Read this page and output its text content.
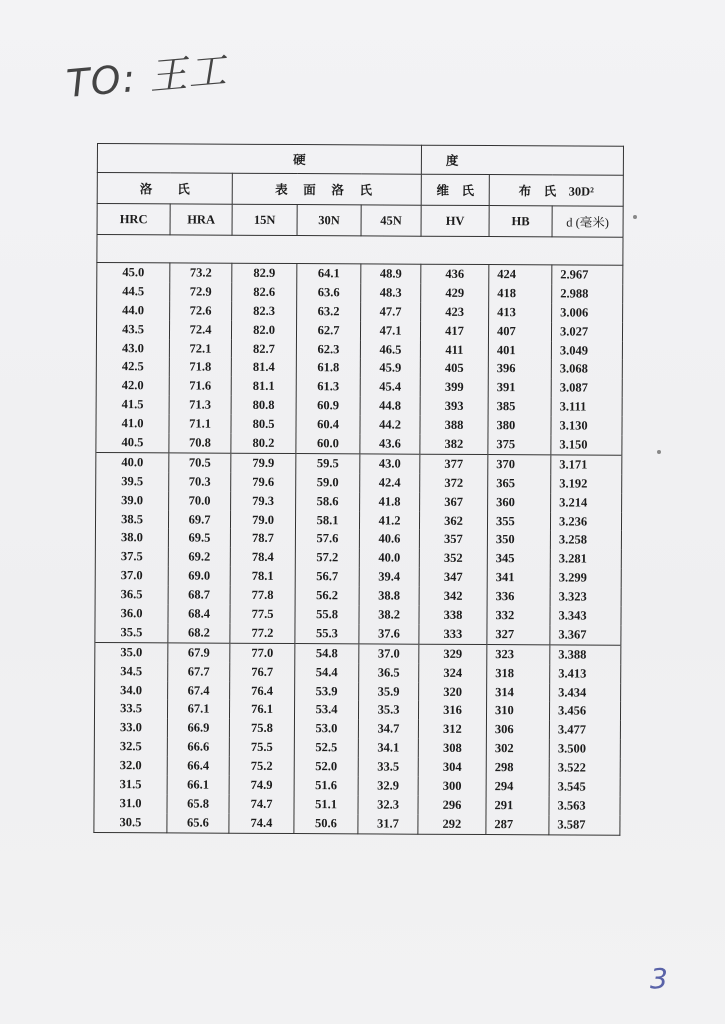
TO: 王工
硬					度		
洛　　氏		表 面 洛 氏			维　氏	布　氏　30D²	
HRC	HRA	15N	30N	45N	HV	HB	d (毫米)

45.0	73.2	82.9	64.1	48.9	436	424	2.967
44.5	72.9	82.6	63.6	48.3	429	418	2.988
44.0	72.6	82.3	63.2	47.7	423	413	3.006
43.5	72.4	82.0	62.7	47.1	417	407	3.027
43.0	72.1	82.7	62.3	46.5	411	401	3.049
42.5	71.8	81.4	61.8	45.9	405	396	3.068
42.0	71.6	81.1	61.3	45.4	399	391	3.087
41.5	71.3	80.8	60.9	44.8	393	385	3.111
41.0	71.1	80.5	60.4	44.2	388	380	3.130
40.5	70.8	80.2	60.0	43.6	382	375	3.150
40.0	70.5	79.9	59.5	43.0	377	370	3.171
39.5	70.3	79.6	59.0	42.4	372	365	3.192
39.0	70.0	79.3	58.6	41.8	367	360	3.214
38.5	69.7	79.0	58.1	41.2	362	355	3.236
38.0	69.5	78.7	57.6	40.6	357	350	3.258
37.5	69.2	78.4	57.2	40.0	352	345	3.281
37.0	69.0	78.1	56.7	39.4	347	341	3.299
36.5	68.7	77.8	56.2	38.8	342	336	3.323
36.0	68.4	77.5	55.8	38.2	338	332	3.343
35.5	68.2	77.2	55.3	37.6	333	327	3.367
35.0	67.9	77.0	54.8	37.0	329	323	3.388
34.5	67.7	76.7	54.4	36.5	324	318	3.413
34.0	67.4	76.4	53.9	35.9	320	314	3.434
33.5	67.1	76.1	53.4	35.3	316	310	3.456
33.0	66.9	75.8	53.0	34.7	312	306	3.477
32.5	66.6	75.5	52.5	34.1	308	302	3.500
32.0	66.4	75.2	52.0	33.5	304	298	3.522
31.5	66.1	74.9	51.6	32.9	300	294	3.545
31.0	65.8	74.7	51.1	32.3	296	291	3.563
30.5	65.6	74.4	50.6	31.7	292	287	3.587
3
